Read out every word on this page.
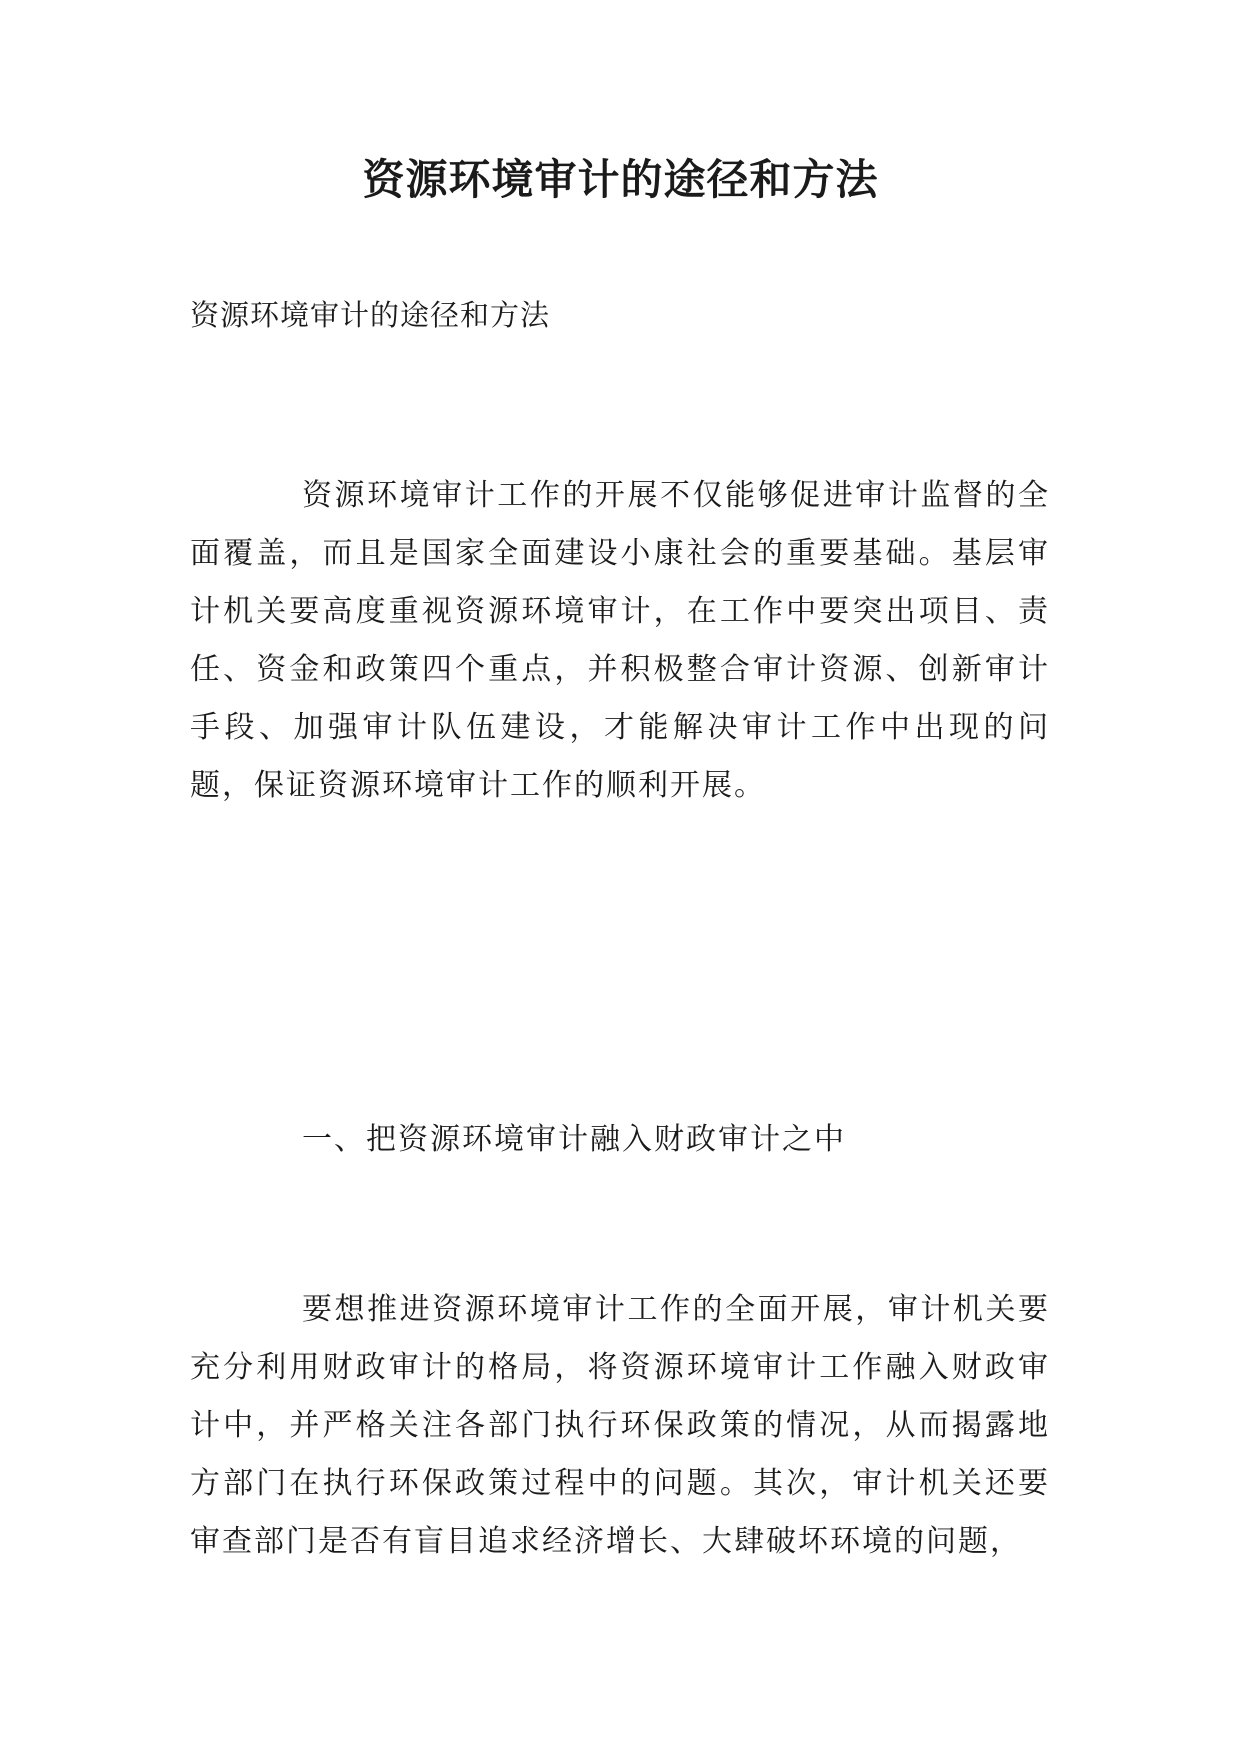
资源环境审计的途径和方法
资源环境审计的途径和方法
资源环境审计工作的开展不仅能够促进审计监督的全面覆盖，而且是国家全面建设小康社会的重要基础。基层审计机关要高度重视资源环境审计，在工作中要突出项目、责任、资金和政策四个重点，并积极整合审计资源、创新审计手段、加强审计队伍建设，才能解决审计工作中出现的问题，保证资源环境审计工作的顺利开展。
一、把资源环境审计融入财政审计之中
要想推进资源环境审计工作的全面开展，审计机关要充分利用财政审计的格局，将资源环境审计工作融入财政审计中，并严格关注各部门执行环保政策的情况，从而揭露地方部门在执行环保政策过程中的问题。其次，审计机关还要审查部门是否有盲目追求经济增长、大肆破坏环境的问题，
